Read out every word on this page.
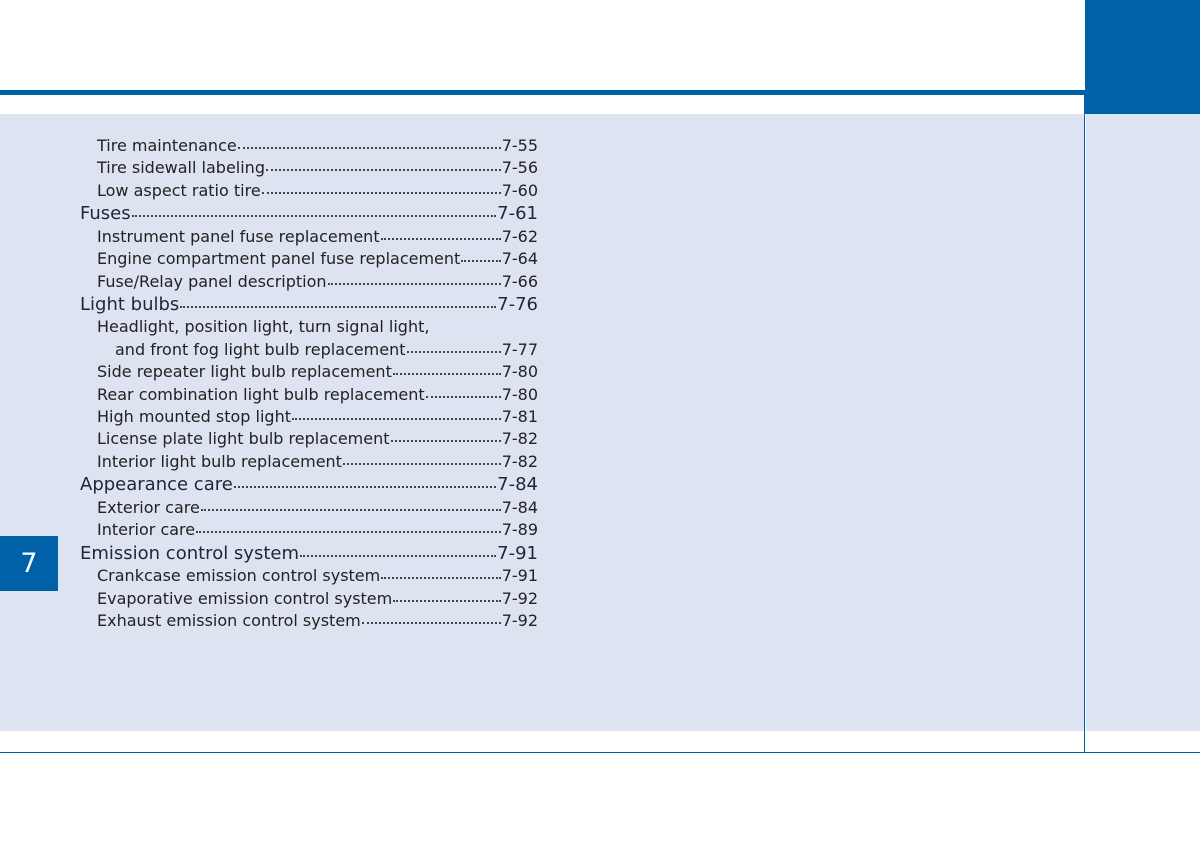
7
Tire maintenance	7-55
Tire sidewall labeling	7-56
Low aspect ratio tire	7-60
Fuses	7-61
Instrument panel fuse replacement	7-62
Engine compartment panel fuse replacement	7-64
Fuse/Relay panel description	7-66
Light bulbs	7-76
Headlight, position light, turn signal light,
and front fog light bulb replacement	7-77
Side repeater light bulb replacement	7-80
Rear combination light bulb replacement	7-80
High mounted stop light	7-81
License plate light bulb replacement	7-82
Interior light bulb replacement	7-82
Appearance care	7-84
Exterior care	7-84
Interior care	7-89
Emission control system	7-91
Crankcase emission control system	7-91
Evaporative emission control system	7-92
Exhaust emission control system	7-92
